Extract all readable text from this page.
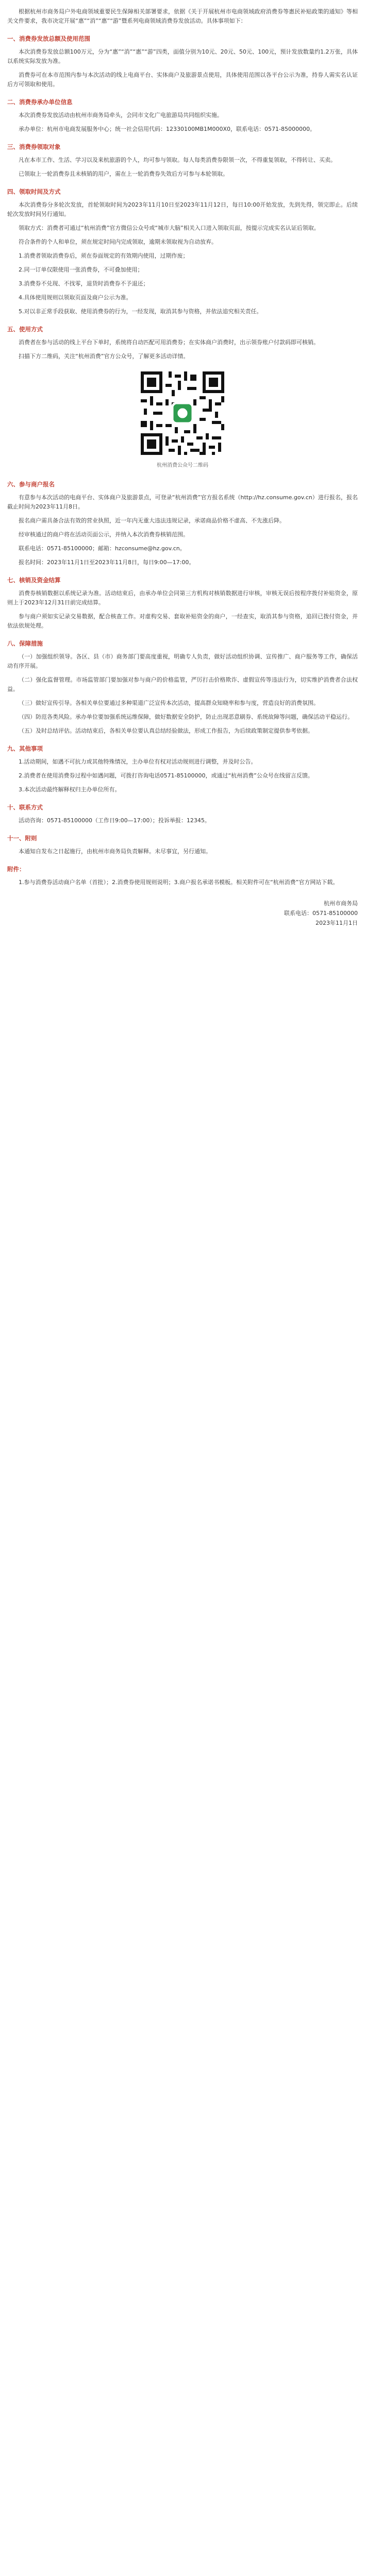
根据杭州市商务局户外电商领域重要民生保障相关部署要求，依据《关于开展杭州市电商领域政府消费券等惠民补贴政策的通知》等相关文件要求，我市决定开展“惠”“消”“惠”“游”暨系列电商领域消费券发放活动。具体事项如下：

一、消费券发放总额及使用范围

本次消费券发放总额100万元，分为“惠”“消”“惠”“游”四类，面值分别为10元、20元、50元、100元，预计发放数量约1.2万张，具体以系统实际发放为准。

消费券可在本市范围内参与本次活动的线上电商平台、实体商户及旅游景点使用，具体使用范围以各平台公示为准，持券人需实名认证后方可领取和使用。

二、消费券承办单位信息

本次消费券发放活动由杭州市商务局牵头，会同市文化广电旅游局共同组织实施。

承办单位：杭州市电商发展服务中心；统一社会信用代码：12330100MB1M000X0，联系电话：0571-85000000。

三、消费券领取对象

凡在本市工作、生活、学习以及来杭旅游的个人，均可参与领取。每人每类消费券限领一次，不得重复领取，不得转让、买卖。

已领取上一轮消费券且未核销的用户，需在上一轮消费券失效后方可参与本轮领取。

四、领取时间及方式

本次消费券分多轮次发放，首轮领取时间为2023年11月10日至2023年11月12日，每日10:00开始发放，先到先得，领完即止。后续轮次发放时间另行通知。

领取方式：消费者可通过“杭州消费”官方微信公众号或“城市大脑”相关入口进入领取页面，按提示完成实名认证后领取。

符合条件的个人和单位，须在规定时间内完成领取，逾期未领取视为自动放弃。

1.消费者领取消费券后，须在券面规定的有效期内使用，过期作废；

2.同一订单仅限使用一张消费券，不可叠加使用；

3.消费券不兑现、不找零，退货时消费券不予退还；

4.具体使用规则以领取页面及商户公示为准。

5.对以非正常手段获取、使用消费券的行为，一经发现，取消其参与资格，并依法追究相关责任。

五、使用方式

消费者在参与活动的线上平台下单时，系统将自动匹配可用消费券；在实体商户消费时，出示领券账户付款码即可核销。

扫描下方二维码，关注“杭州消费”官方公众号，了解更多活动详情。

杭州消费公众号二维码
六、参与商户报名

有意参与本次活动的电商平台、实体商户及旅游景点，可登录“杭州消费”官方报名系统（http://hz.consume.gov.cn）进行报名，报名截止时间为2023年11月8日。

报名商户需具备合法有效的营业执照，近一年内无重大违法违规记录，承诺商品价格不虚高、不先涨后降。

经审核通过的商户将在活动页面公示，并纳入本次消费券核销范围。

联系电话：0571-85100000；邮箱：hzconsume@hz.gov.cn。

报名时间：2023年11月1日至2023年11月8日，每日9:00—17:00。

七、核销及资金结算

消费券核销数据以系统记录为准。活动结束后，由承办单位会同第三方机构对核销数据进行审核，审核无误后按程序拨付补贴资金，原则上于2023年12月31日前完成结算。

参与商户须如实记录交易数据，配合核查工作。对虚构交易、套取补贴资金的商户，一经查实，取消其参与资格，追回已拨付资金，并依法依规处理。

八、保障措施

（一）加强组织领导。各区、县（市）商务部门要高度重视，明确专人负责，做好活动组织协调、宣传推广、商户服务等工作，确保活动有序开展。

（二）强化监督管理。市场监管部门要加强对参与商户的价格监管，严厉打击价格欺诈、虚假宣传等违法行为，切实维护消费者合法权益。

（三）做好宣传引导。各相关单位要通过多种渠道广泛宣传本次活动，提高群众知晓率和参与度，营造良好的消费氛围。

（四）防范各类风险。承办单位要加强系统运维保障，做好数据安全防护，防止出现恶意刷券、系统故障等问题，确保活动平稳运行。

（五）及时总结评估。活动结束后，各相关单位要认真总结经验做法，形成工作报告，为后续政策制定提供参考依据。

九、其他事项

1.活动期间，如遇不可抗力或其他特殊情况，主办单位有权对活动规则进行调整，并及时公告。

2.消费者在使用消费券过程中如遇问题，可拨打咨询电话0571-85100000，或通过“杭州消费”公众号在线留言反馈。

3.本次活动最终解释权归主办单位所有。

十、联系方式

活动咨询：0571-85100000（工作日9:00—17:00）；投诉举报：12345。

十一、附则

本通知自发布之日起施行，由杭州市商务局负责解释。未尽事宜，另行通知。

附件：

1.参与消费券活动商户名单（首批）；2.消费券使用规则说明；3.商户报名承诺书模板。相关附件可在“杭州消费”官方网站下载。

杭州市商务局

联系电话：0571-85100000

2023年11月1日
